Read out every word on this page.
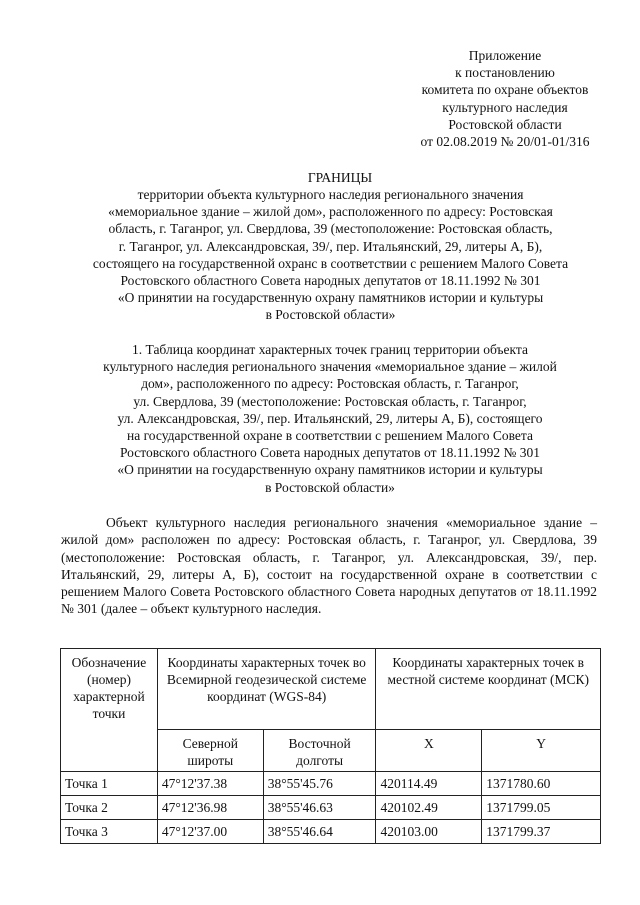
Приложение
к постановлению
комитета по охране объектов
культурного наследия
Ростовской области
от 02.08.2019 № 20/01-01/316
ГРАНИЦЫ
территории объекта культурного наследия регионального значения
«мемориальное здание – жилой дом», расположенного по адресу: Ростовская
область, г. Таганрог, ул. Свердлова, 39 (местоположение: Ростовская область,
г. Таганрог, ул. Александровская, 39/, пер. Итальянский, 29, литеры А, Б),
состоящего на государственной охранс в соответствии с решением Малого Совета
Ростовского областного Совета народных депутатов от 18.11.1992 № 301
«О принятии на государственную охрану памятников истории и культуры
в Ростовской области»
1. Таблица координат характерных точек границ территории объекта
культурного наследия регионального значения «мемориальное здание – жилой
дом», расположенного по адресу: Ростовская область, г. Таганрог,
ул. Свердлова, 39 (местоположение: Ростовская область, г. Таганрог,
ул. Александровская, 39/, пер. Итальянский, 29, литеры А, Б), состоящего
на государственной охране в соответствии с решением Малого Совета
Ростовского областного Совета народных депутатов от 18.11.1992 № 301
«О принятии на государственную охрану памятников истории и культуры
в Ростовской области»
Объект культурного наследия регионального значения «мемориальное здание – жилой дом» расположен по адресу: Ростовская область, г. Таганрог, ул. Свердлова, 39 (местоположение: Ростовская область, г. Таганрог, ул. Александровская, 39/, пер. Итальянский, 29, литеры А, Б), состоит на государственной охране в соответствии с решением Малого Совета Ростовского областного Совета народных депутатов от 18.11.1992 № 301 (далее – объект культурного наследия.
Обозначение (номер) характерной точки	Координаты характерных точек во Всемирной геодезической системе координат (WGS-84)		Координаты характерных точек в местной системе координат (МСК)	
	Северной широты	Восточной долготы	X	Y
Точка 1	47°12'37.38	38°55'45.76	420114.49	1371780.60
Точка 2	47°12'36.98	38°55'46.63	420102.49	1371799.05
Точка 3	47°12'37.00	38°55'46.64	420103.00	1371799.37
